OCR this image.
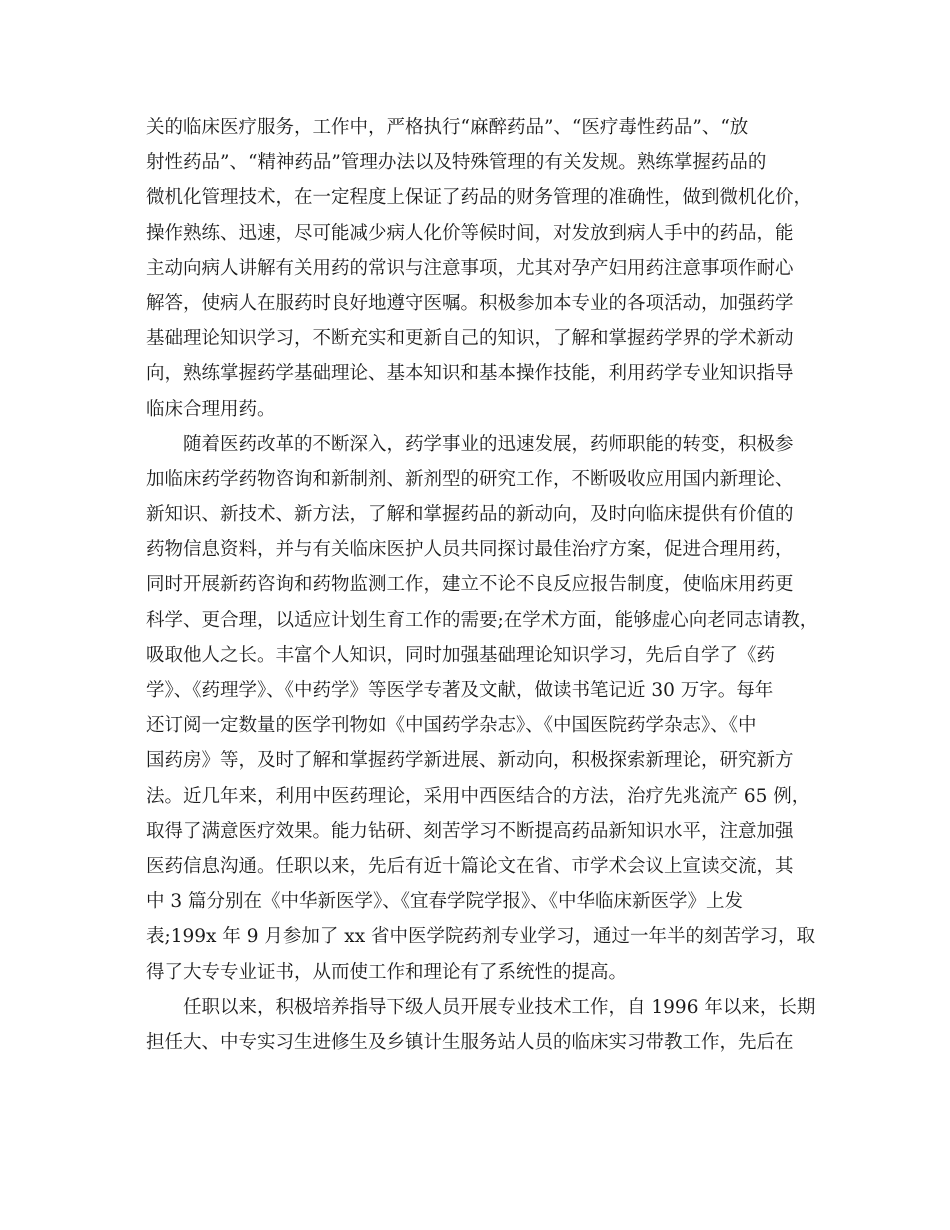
关的临床医疗服务，工作中，严格执行“麻醉药品”、“医疗毒性药品”、“放
射性药品”、“精神药品”管理办法以及特殊管理的有关发规。熟练掌握药品的
微机化管理技术，在一定程度上保证了药品的财务管理的准确性，做到微机化价，
操作熟练、迅速，尽可能减少病人化价等候时间，对发放到病人手中的药品，能
主动向病人讲解有关用药的常识与注意事项，尤其对孕产妇用药注意事项作耐心
解答，使病人在服药时良好地遵守医嘱。积极参加本专业的各项活动，加强药学
基础理论知识学习，不断充实和更新自己的知识，了解和掌握药学界的学术新动
向，熟练掌握药学基础理论、基本知识和基本操作技能，利用药学专业知识指导
临床合理用药。
随着医药改革的不断深入，药学事业的迅速发展，药师职能的转变，积极参
加临床药学药物咨询和新制剂、新剂型的研究工作，不断吸收应用国内新理论、
新知识、新技术、新方法，了解和掌握药品的新动向，及时向临床提供有价值的
药物信息资料，并与有关临床医护人员共同探讨最佳治疗方案，促进合理用药，
同时开展新药咨询和药物监测工作，建立不论不良反应报告制度，使临床用药更
科学、更合理，以适应计划生育工作的需要;在学术方面，能够虚心向老同志请教，
吸取他人之长。丰富个人知识，同时加强基础理论知识学习，先后自学了《药
学》、《药理学》、《中药学》等医学专著及文献，做读书笔记近 30 万字。每年
还订阅一定数量的医学刊物如《中国药学杂志》、《中国医院药学杂志》、《中
国药房》等，及时了解和掌握药学新进展、新动向，积极探索新理论，研究新方
法。近几年来，利用中医药理论，采用中西医结合的方法，治疗先兆流产 65 例，
取得了满意医疗效果。能力钻研、刻苦学习不断提高药品新知识水平，注意加强
医药信息沟通。任职以来，先后有近十篇论文在省、市学术会议上宣读交流，其
中 3 篇分别在《中华新医学》、《宜春学院学报》、《中华临床新医学》上发
表;199x 年 9 月参加了 xx 省中医学院药剂专业学习，通过一年半的刻苦学习，取
得了大专专业证书，从而使工作和理论有了系统性的提高。
任职以来，积极培养指导下级人员开展专业技术工作，自 1996 年以来，长期
担任大、中专实习生进修生及乡镇计生服务站人员的临床实习带教工作，先后在
